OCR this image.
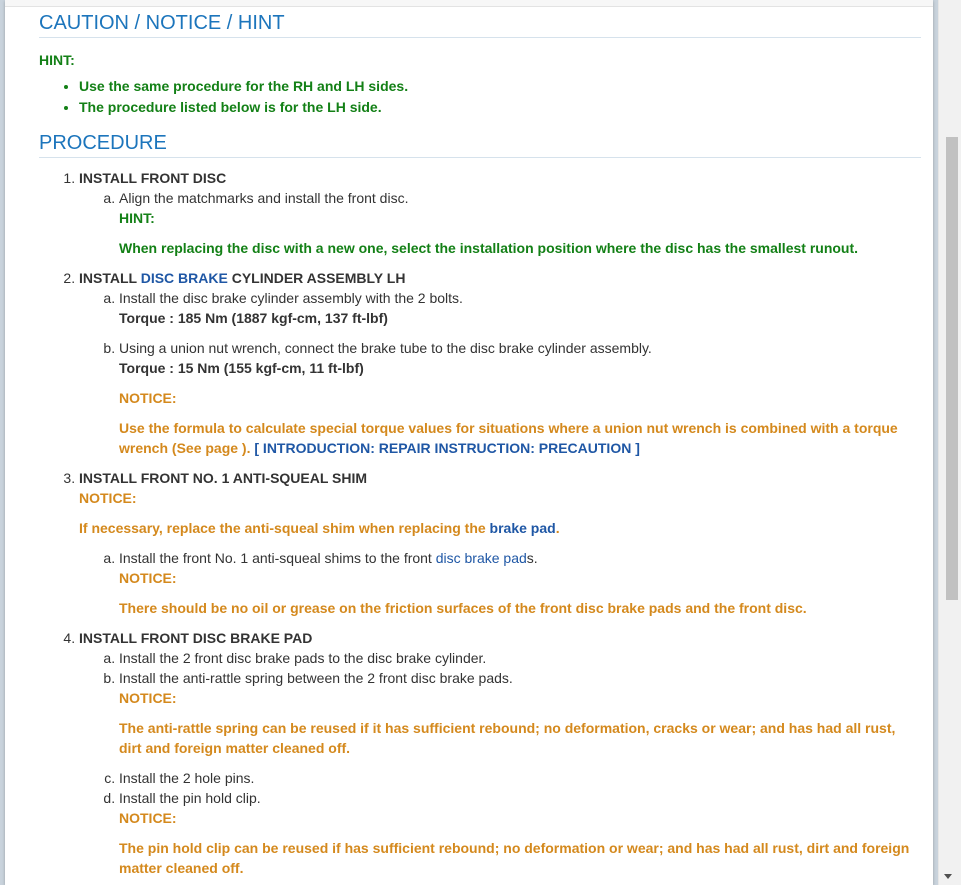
CAUTION / NOTICE / HINT
HINT:
• Use the same procedure for the RH and LH sides.
• The procedure listed below is for the LH side.
PROCEDURE
1. INSTALL FRONT DISC
a. Align the matchmarks and install the front disc.
HINT:
When replacing the disc with a new one, select the installation position where the disc has the smallest runout.
2. INSTALL DISC BRAKE CYLINDER ASSEMBLY LH
a. Install the disc brake cylinder assembly with the 2 bolts.
Torque : 185 Nm (1887 kgf-cm, 137 ft-lbf)
b. Using a union nut wrench, connect the brake tube to the disc brake cylinder assembly.
Torque : 15 Nm (155 kgf-cm, 11 ft-lbf)
NOTICE:
Use the formula to calculate special torque values for situations where a union nut wrench is combined with a torque wrench (See page ). [ INTRODUCTION: REPAIR INSTRUCTION: PRECAUTION ]
3. INSTALL FRONT NO. 1 ANTI-SQUEAL SHIM
NOTICE:
If necessary, replace the anti-squeal shim when replacing the brake pad.
a. Install the front No. 1 anti-squeal shims to the front disc brake pads.
NOTICE:
There should be no oil or grease on the friction surfaces of the front disc brake pads and the front disc.
4. INSTALL FRONT DISC BRAKE PAD
a. Install the 2 front disc brake pads to the disc brake cylinder.
b. Install the anti-rattle spring between the 2 front disc brake pads.
NOTICE:
The anti-rattle spring can be reused if it has sufficient rebound; no deformation, cracks or wear; and has had all rust, dirt and foreign matter cleaned off.
c. Install the 2 hole pins.
d. Install the pin hold clip.
NOTICE:
The pin hold clip can be reused if has sufficient rebound; no deformation or wear; and has had all rust, dirt and foreign matter cleaned off.
